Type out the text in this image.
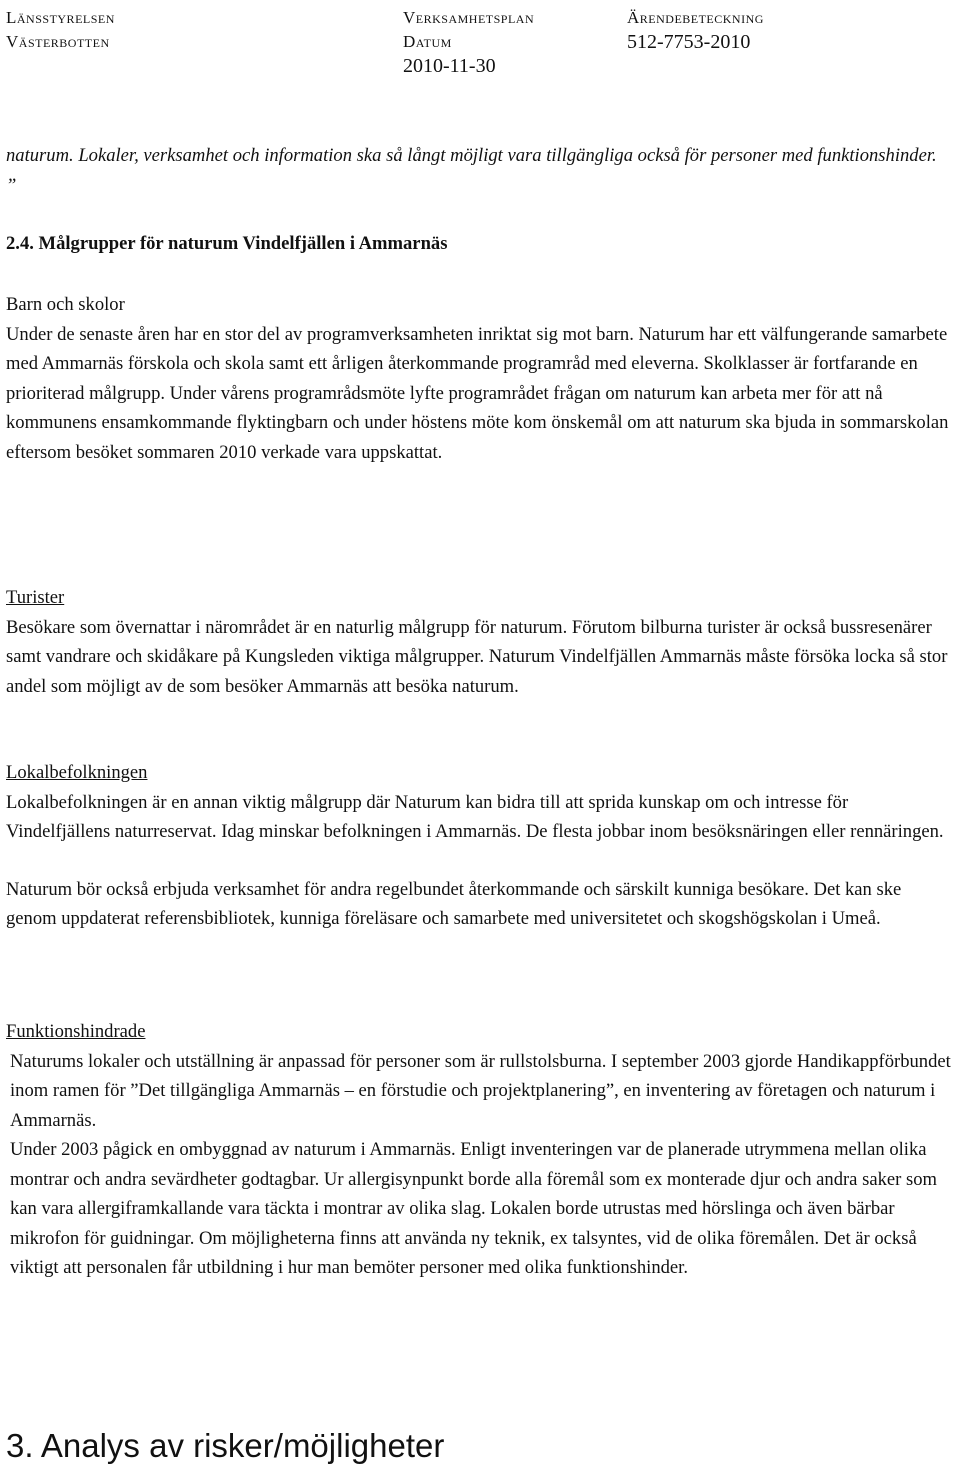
Länsstyrelsen
Västerbotten
Verksamhetsplan
Datum
2010-11-30
Ärendebeteckning
512-7753-2010

naturum. Lokaler, verksamhet och information ska så långt möjligt vara tillgängliga också för personer med funktionshinder. ”

2.4. Målgrupper för naturum Vindelfjällen i Ammarnäs

Barn och skolor

Under de senaste åren har en stor del av programverksamheten inriktat sig mot barn. Naturum har ett välfungerande samarbete med Ammarnäs förskola och skola samt ett årligen återkommande programråd med eleverna. Skolklasser är fortfarande en prioriterad målgrupp. Under vårens programrådsmöte lyfte programrådet frågan om naturum kan arbeta mer för att nå kommunens ensamkommande flyktingbarn och under höstens möte kom önskemål om att naturum ska bjuda in sommarskolan eftersom besöket sommaren 2010 verkade vara uppskattat.

Turister

Besökare som övernattar i närområdet är en naturlig målgrupp för naturum. Förutom bilburna turister är också bussresenärer samt vandrare och skidåkare på Kungsleden viktiga målgrupper. Naturum Vindelfjällen Ammarnäs måste försöka locka så stor andel som möjligt av de som besöker Ammarnäs att besöka naturum.

Lokalbefolkningen

Lokalbefolkningen är en annan viktig målgrupp där Naturum kan bidra till att sprida kunskap om och intresse för Vindelfjällens naturreservat. Idag minskar befolkningen i Ammarnäs. De flesta jobbar inom besöksnäringen eller rennäringen.

Naturum bör också erbjuda verksamhet för andra regelbundet återkommande och särskilt kunniga besökare. Det kan ske genom uppdaterat referensbibliotek, kunniga föreläsare och samarbete med universitetet och skogshögskolan i Umeå.

Funktionshindrade

Naturums lokaler och utställning är anpassad för personer som är rullstolsburna. I september 2003 gjorde Handikappförbundet inom ramen för ”Det tillgängliga Ammarnäs – en förstudie och projektplanering”, en inventering av företagen och naturum i Ammarnäs.

Under 2003 pågick en ombyggnad av naturum i Ammarnäs. Enligt inventeringen var de planerade utrymmena mellan olika montrar och andra sevärdheter godtagbar. Ur allergisynpunkt borde alla föremål som ex monterade djur och andra saker som kan vara allergiframkallande vara täckta i montrar av olika slag. Lokalen borde utrustas med hörslinga och även bärbar mikrofon för guidningar. Om möjligheterna finns att använda ny teknik, ex talsyntes, vid de olika föremålen. Det är också viktigt att personalen får utbildning i hur man bemöter personer med olika funktionshinder.

3. Analys av risker/möjligheter
